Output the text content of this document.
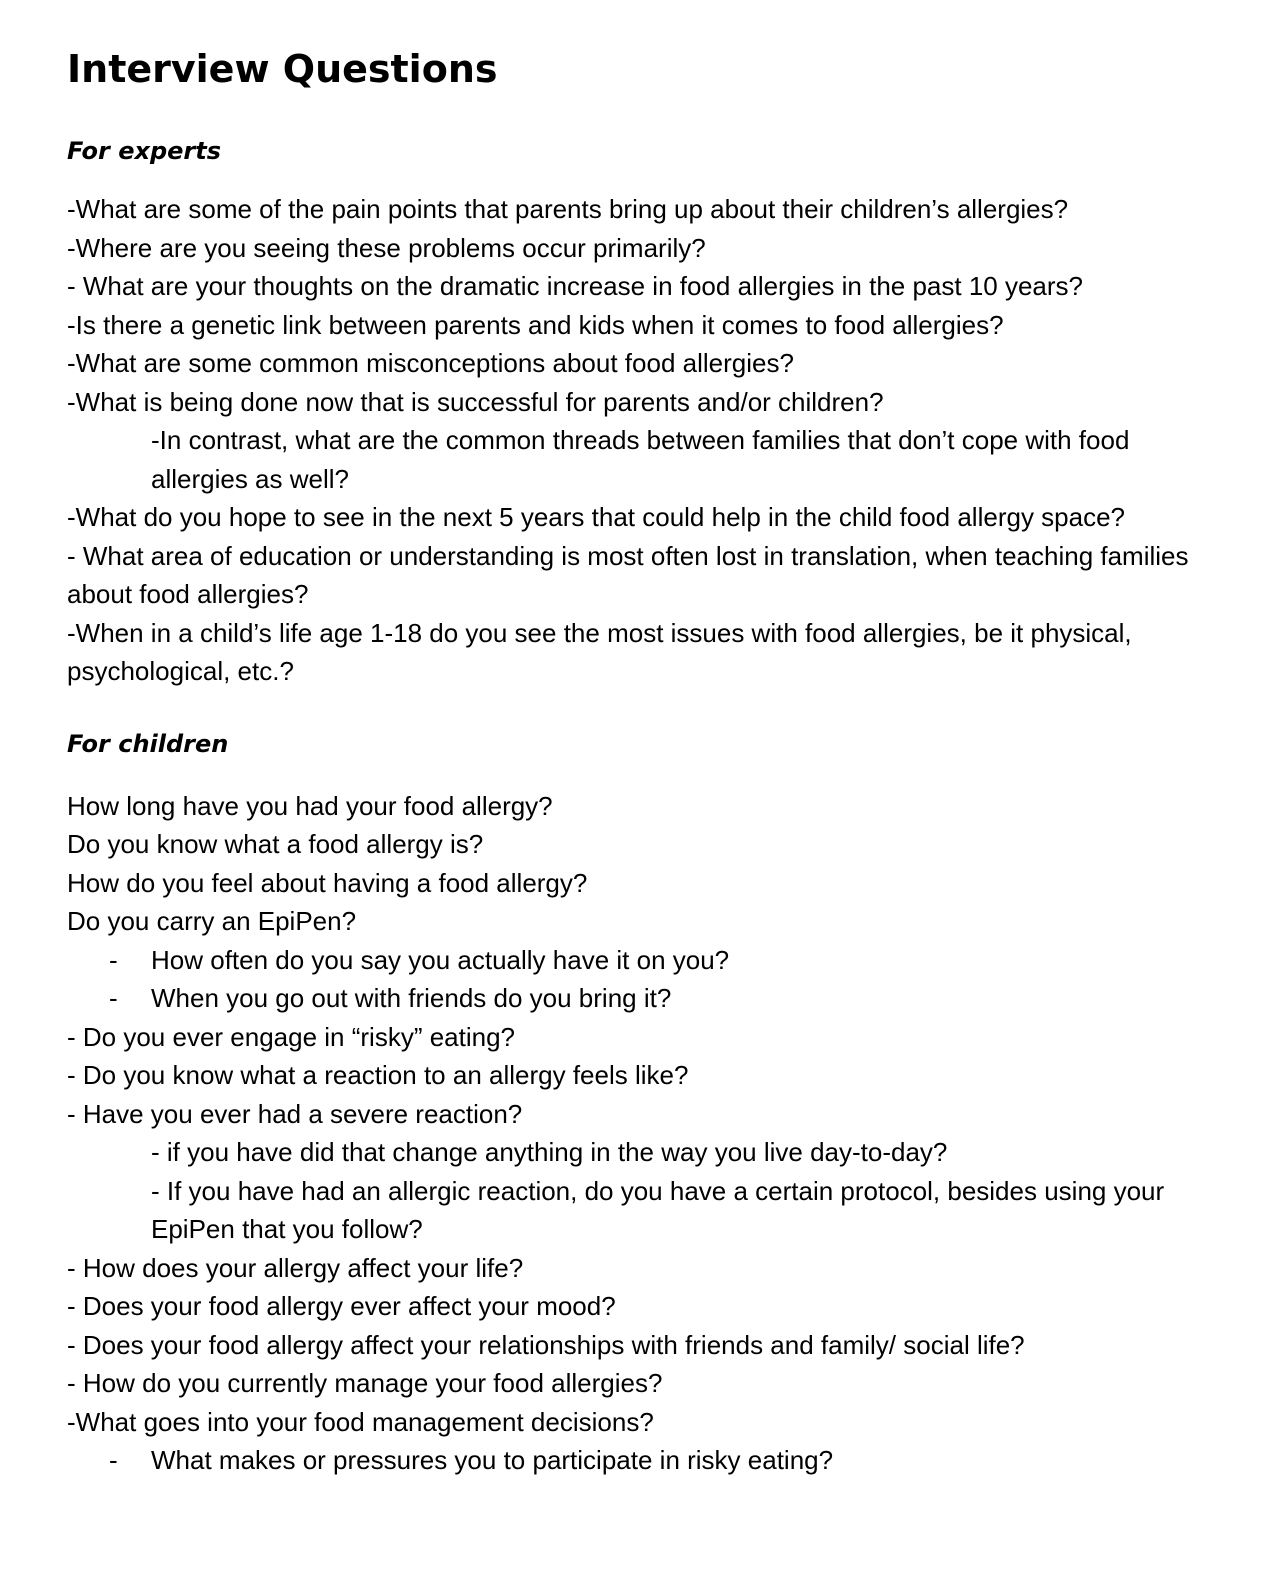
Interview Questions
For experts

-What are some of the pain points that parents bring up about their children’s allergies?

-Where are you seeing these problems occur primarily?

- What are your thoughts on the dramatic increase in food allergies in the past 10 years?

-Is there a genetic link between parents and kids when it comes to food allergies?

-What are some common misconceptions about food allergies?

-What is being done now that is successful for parents and/or children?

-In contrast, what are the common threads between families that don’t cope with food allergies as well?

-What do you hope to see in the next 5 years that could help in the child food allergy space?

- What area of education or understanding is most often lost in translation, when teaching families about food allergies?

-When in a child’s life age 1-18 do you see the most issues with food allergies, be it physical, psychological, etc.?

For children

How long have you had your food allergy?

Do you know what a food allergy is?

How do you feel about having a food allergy?

Do you carry an EpiPen?

- How often do you say you actually have it on you?

- When you go out with friends do you bring it?

- Do you ever engage in “risky” eating?

- Do you know what a reaction to an allergy feels like?

- Have you ever had a severe reaction?

- if you have did that change anything in the way you live day-to-day?

- If you have had an allergic reaction, do you have a certain protocol, besides using your EpiPen that you follow?

- How does your allergy affect your life?

- Does your food allergy ever affect your mood?

- Does your food allergy affect your relationships with friends and family/ social life?

- How do you currently manage your food allergies?

-What goes into your food management decisions?

- What makes or pressures you to participate in risky eating?
